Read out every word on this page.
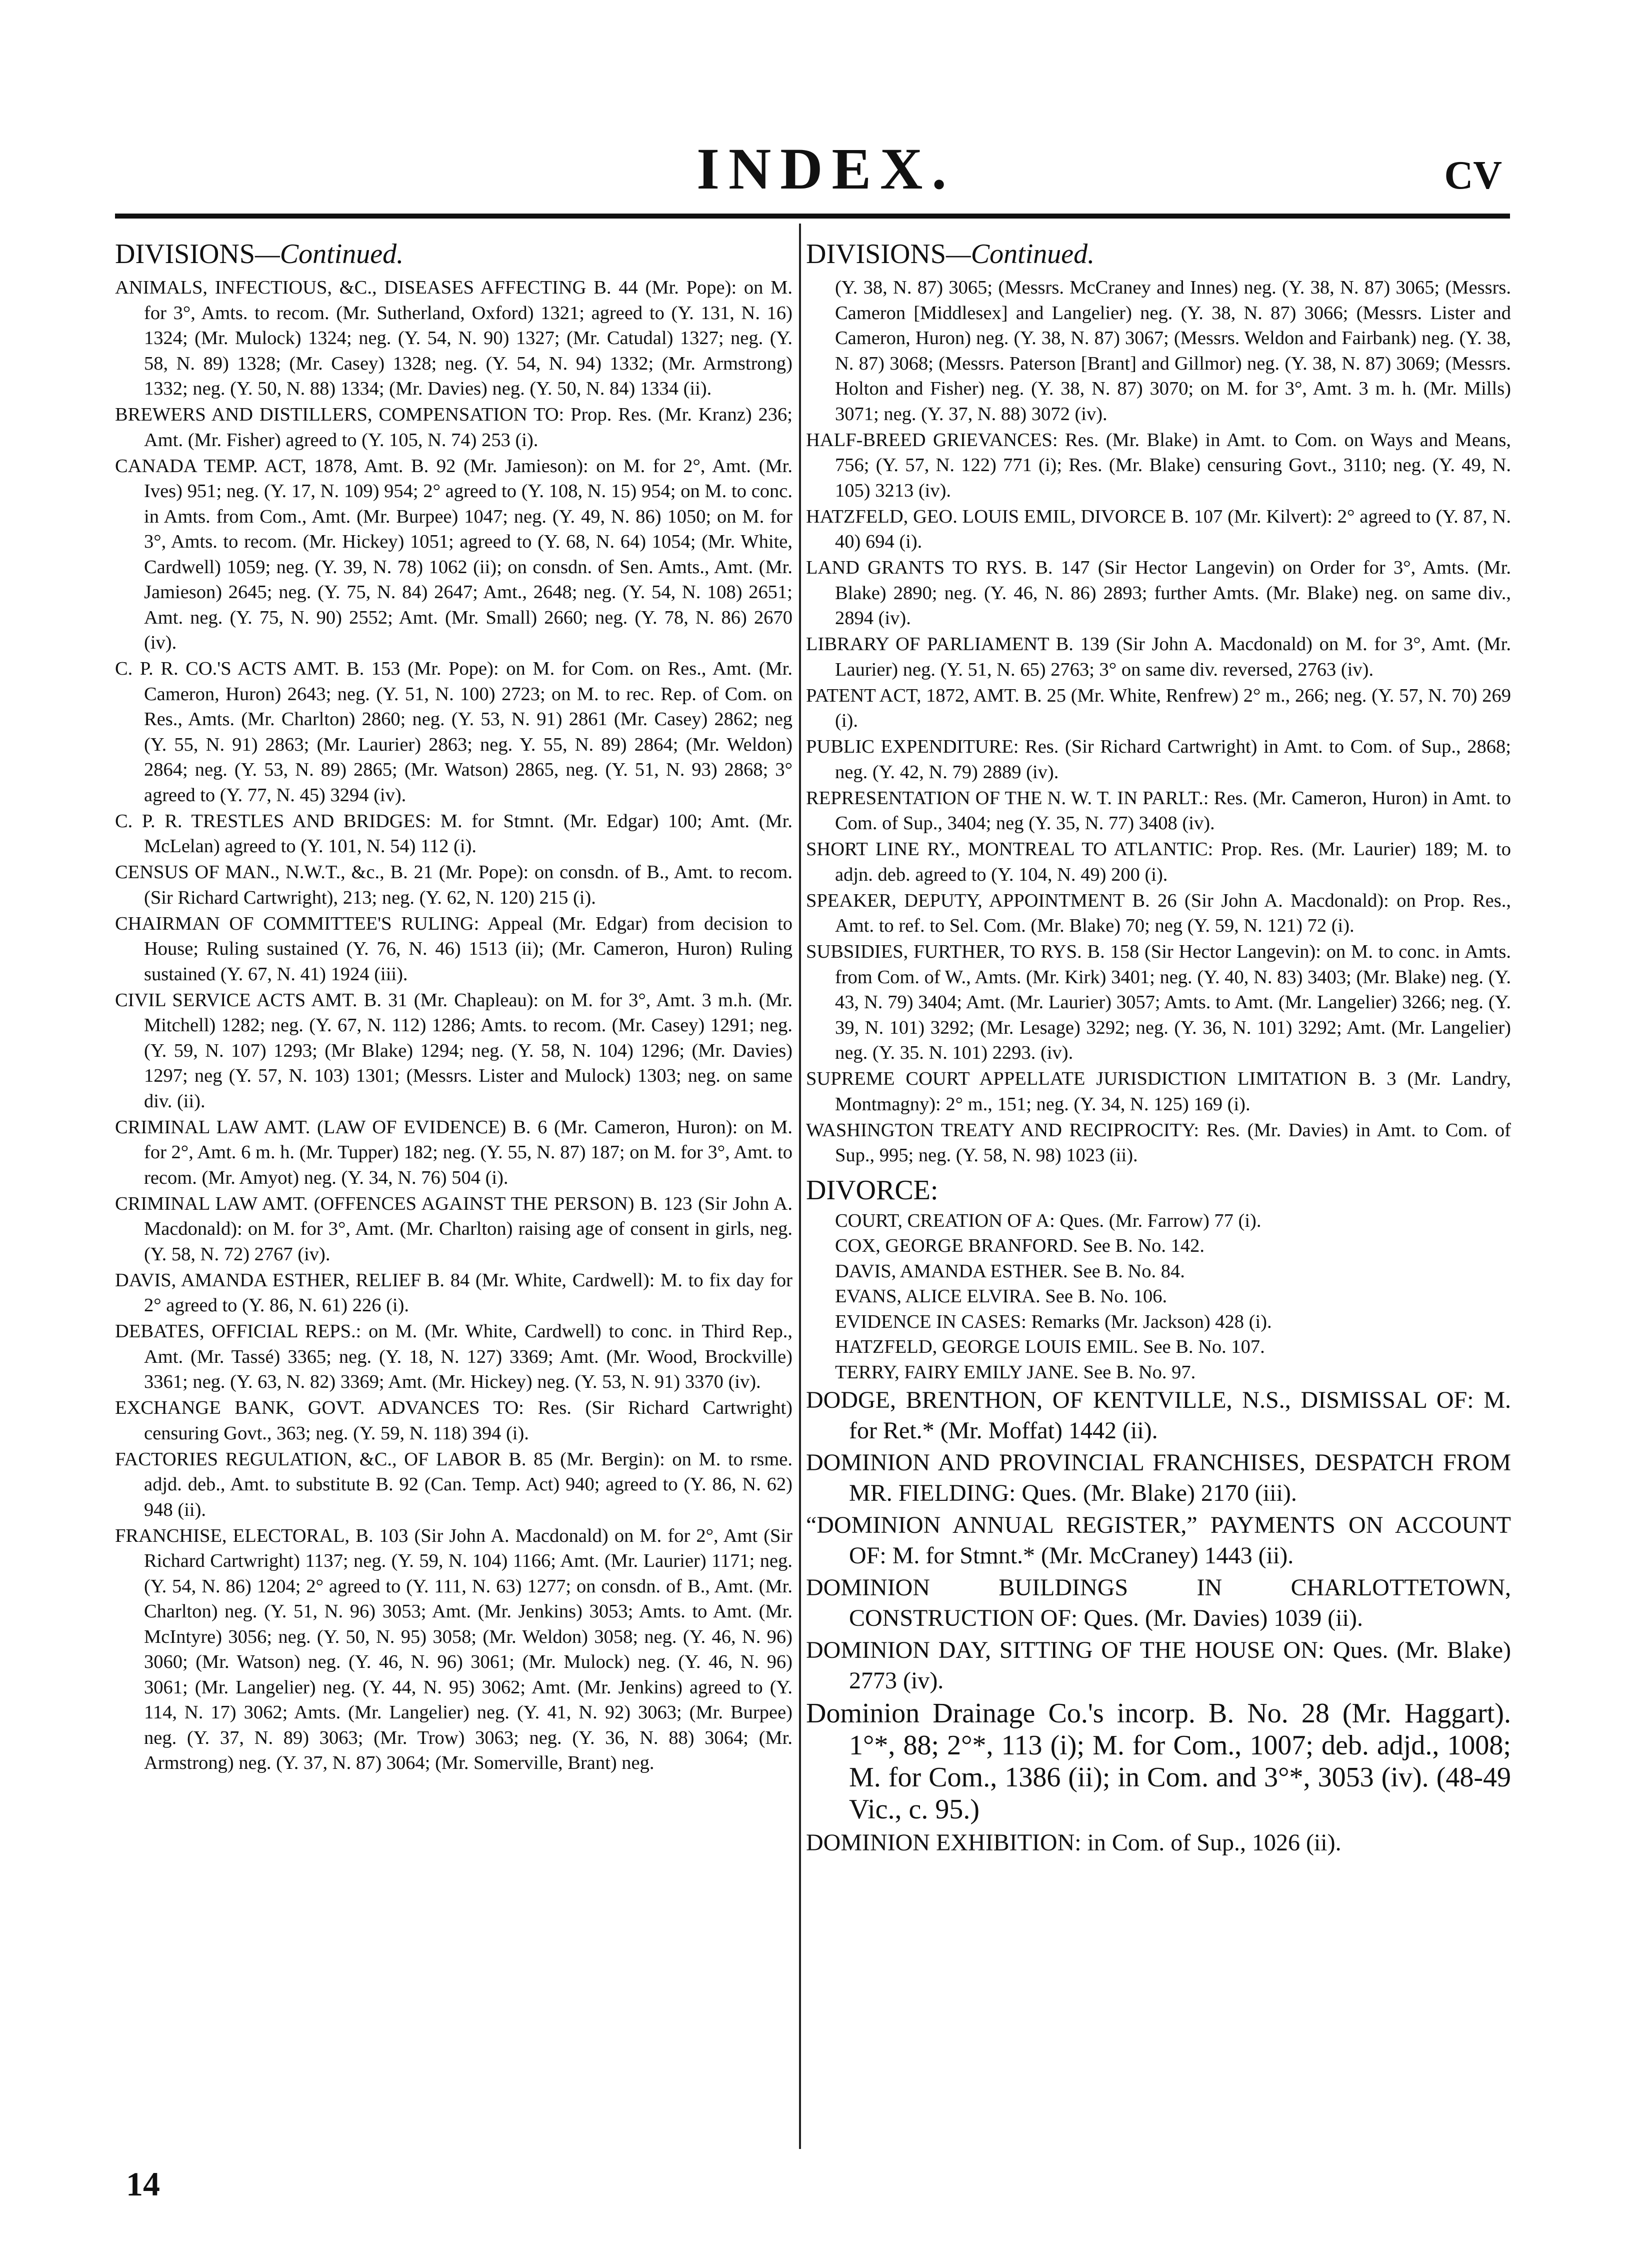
INDEX.	CV
DIVISIONS—Continued.

ANIMALS, INFECTIOUS, &C., DISEASES AFFECTING B. 44 (Mr. Pope): on M. for 3°, Amts. to recom. (Mr. Sutherland, Oxford) 1321; agreed to (Y. 131, N. 16) 1324; (Mr. Mulock) 1324; neg. (Y. 54, N. 90) 1327; (Mr. Catudal) 1327; neg. (Y. 58, N. 89) 1328; (Mr. Casey) 1328; neg. (Y. 54, N. 94) 1332; (Mr. Armstrong) 1332; neg. (Y. 50, N. 88) 1334; (Mr. Davies) neg. (Y. 50, N. 84) 1334 (ii).

BREWERS AND DISTILLERS, COMPENSATION TO: Prop. Res. (Mr. Kranz) 236; Amt. (Mr. Fisher) agreed to (Y. 105, N. 74) 253 (i).

CANADA TEMP. ACT, 1878, Amt. B. 92 (Mr. Jamieson): on M. for 2°, Amt. (Mr. Ives) 951; neg. (Y. 17, N. 109) 954; 2° agreed to (Y. 108, N. 15) 954; on M. to conc. in Amts. from Com., Amt. (Mr. Burpee) 1047; neg. (Y. 49, N. 86) 1050; on M. for 3°, Amts. to recom. (Mr. Hickey) 1051; agreed to (Y. 68, N. 64) 1054; (Mr. White, Cardwell) 1059; neg. (Y. 39, N. 78) 1062 (ii); on consdn. of Sen. Amts., Amt. (Mr. Jamieson) 2645; neg. (Y. 75, N. 84) 2647; Amt., 2648; neg. (Y. 54, N. 108) 2651; Amt. neg. (Y. 75, N. 90) 2552; Amt. (Mr. Small) 2660; neg. (Y. 78, N. 86) 2670 (iv).

C. P. R. CO.'S ACTS AMT. B. 153 (Mr. Pope): on M. for Com. on Res., Amt. (Mr. Cameron, Huron) 2643; neg. (Y. 51, N. 100) 2723; on M. to rec. Rep. of Com. on Res., Amts. (Mr. Charlton) 2860; neg. (Y. 53, N. 91) 2861 (Mr. Casey) 2862; neg (Y. 55, N. 91) 2863; (Mr. Laurier) 2863; neg. Y. 55, N. 89) 2864; (Mr. Weldon) 2864; neg. (Y. 53, N. 89) 2865; (Mr. Watson) 2865, neg. (Y. 51, N. 93) 2868; 3° agreed to (Y. 77, N. 45) 3294 (iv).

C. P. R. TRESTLES AND BRIDGES: M. for Stmnt. (Mr. Edgar) 100; Amt. (Mr. McLelan) agreed to (Y. 101, N. 54) 112 (i).

CENSUS OF MAN., N.W.T., &c., B. 21 (Mr. Pope): on consdn. of B., Amt. to recom. (Sir Richard Cartwright), 213; neg. (Y. 62, N. 120) 215 (i).

CHAIRMAN OF COMMITTEE'S RULING: Appeal (Mr. Edgar) from decision to House; Ruling sustained (Y. 76, N. 46) 1513 (ii); (Mr. Cameron, Huron) Ruling sustained (Y. 67, N. 41) 1924 (iii).

CIVIL SERVICE ACTS AMT. B. 31 (Mr. Chapleau): on M. for 3°, Amt. 3 m.h. (Mr. Mitchell) 1282; neg. (Y. 67, N. 112) 1286; Amts. to recom. (Mr. Casey) 1291; neg. (Y. 59, N. 107) 1293; (Mr Blake) 1294; neg. (Y. 58, N. 104) 1296; (Mr. Davies) 1297; neg (Y. 57, N. 103) 1301; (Messrs. Lister and Mulock) 1303; neg. on same div. (ii).

CRIMINAL LAW AMT. (LAW OF EVIDENCE) B. 6 (Mr. Cameron, Huron): on M. for 2°, Amt. 6 m. h. (Mr. Tupper) 182; neg. (Y. 55, N. 87) 187; on M. for 3°, Amt. to recom. (Mr. Amyot) neg. (Y. 34, N. 76) 504 (i).

CRIMINAL LAW AMT. (OFFENCES AGAINST THE PERSON) B. 123 (Sir John A. Macdonald): on M. for 3°, Amt. (Mr. Charlton) raising age of consent in girls, neg. (Y. 58, N. 72) 2767 (iv).

DAVIS, AMANDA ESTHER, RELIEF B. 84 (Mr. White, Cardwell): M. to fix day for 2° agreed to (Y. 86, N. 61) 226 (i).

DEBATES, OFFICIAL REPS.: on M. (Mr. White, Cardwell) to conc. in Third Rep., Amt. (Mr. Tassé) 3365; neg. (Y. 18, N. 127) 3369; Amt. (Mr. Wood, Brockville) 3361; neg. (Y. 63, N. 82) 3369; Amt. (Mr. Hickey) neg. (Y. 53, N. 91) 3370 (iv).

EXCHANGE BANK, GOVT. ADVANCES TO: Res. (Sir Richard Cartwright) censuring Govt., 363; neg. (Y. 59, N. 118) 394 (i).

FACTORIES REGULATION, &C., OF LABOR B. 85 (Mr. Bergin): on M. to rsme. adjd. deb., Amt. to substitute B. 92 (Can. Temp. Act) 940; agreed to (Y. 86, N. 62) 948 (ii).

FRANCHISE, ELECTORAL, B. 103 (Sir John A. Macdonald) on M. for 2°, Amt (Sir Richard Cartwright) 1137; neg. (Y. 59, N. 104) 1166; Amt. (Mr. Laurier) 1171; neg. (Y. 54, N. 86) 1204; 2° agreed to (Y. 111, N. 63) 1277; on consdn. of B., Amt. (Mr. Charlton) neg. (Y. 51, N. 96) 3053; Amt. (Mr. Jenkins) 3053; Amts. to Amt. (Mr. McIntyre) 3056; neg. (Y. 50, N. 95) 3058; (Mr. Weldon) 3058; neg. (Y. 46, N. 96) 3060; (Mr. Watson) neg. (Y. 46, N. 96) 3061; (Mr. Mulock) neg. (Y. 46, N. 96) 3061; (Mr. Langelier) neg. (Y. 44, N. 95) 3062; Amt. (Mr. Jenkins) agreed to (Y. 114, N. 17) 3062; Amts. (Mr. Langelier) neg. (Y. 41, N. 92) 3063; (Mr. Burpee) neg. (Y. 37, N. 89) 3063; (Mr. Trow) 3063; neg. (Y. 36, N. 88) 3064; (Mr. Armstrong) neg. (Y. 37, N. 87) 3064; (Mr. Somerville, Brant) neg.

DIVISIONS—Continued.

(Y. 38, N. 87) 3065; (Messrs. McCraney and Innes) neg. (Y. 38, N. 87) 3065; (Messrs. Cameron [Middlesex] and Langelier) neg. (Y. 38, N. 87) 3066; (Messrs. Lister and Cameron, Huron) neg. (Y. 38, N. 87) 3067; (Messrs. Weldon and Fairbank) neg. (Y. 38, N. 87) 3068; (Messrs. Paterson [Brant] and Gillmor) neg. (Y. 38, N. 87) 3069; (Messrs. Holton and Fisher) neg. (Y. 38, N. 87) 3070; on M. for 3°, Amt. 3 m. h. (Mr. Mills) 3071; neg. (Y. 37, N. 88) 3072 (iv).

HALF-BREED GRIEVANCES: Res. (Mr. Blake) in Amt. to Com. on Ways and Means, 756; (Y. 57, N. 122) 771 (i); Res. (Mr. Blake) censuring Govt., 3110; neg. (Y. 49, N. 105) 3213 (iv).

HATZFELD, GEO. LOUIS EMIL, DIVORCE B. 107 (Mr. Kilvert): 2° agreed to (Y. 87, N. 40) 694 (i).

LAND GRANTS TO RYS. B. 147 (Sir Hector Langevin) on Order for 3°, Amts. (Mr. Blake) 2890; neg. (Y. 46, N. 86) 2893; further Amts. (Mr. Blake) neg. on same div., 2894 (iv).

LIBRARY OF PARLIAMENT B. 139 (Sir John A. Macdonald) on M. for 3°, Amt. (Mr. Laurier) neg. (Y. 51, N. 65) 2763; 3° on same div. reversed, 2763 (iv).

PATENT ACT, 1872, AMT. B. 25 (Mr. White, Renfrew) 2° m., 266; neg. (Y. 57, N. 70) 269 (i).

PUBLIC EXPENDITURE: Res. (Sir Richard Cartwright) in Amt. to Com. of Sup., 2868; neg. (Y. 42, N. 79) 2889 (iv).

REPRESENTATION OF THE N. W. T. IN PARLT.: Res. (Mr. Cameron, Huron) in Amt. to Com. of Sup., 3404; neg (Y. 35, N. 77) 3408 (iv).

SHORT LINE RY., MONTREAL TO ATLANTIC: Prop. Res. (Mr. Laurier) 189; M. to adjn. deb. agreed to (Y. 104, N. 49) 200 (i).

SPEAKER, DEPUTY, APPOINTMENT B. 26 (Sir John A. Macdonald): on Prop. Res., Amt. to ref. to Sel. Com. (Mr. Blake) 70; neg (Y. 59, N. 121) 72 (i).

SUBSIDIES, FURTHER, TO RYS. B. 158 (Sir Hector Langevin): on M. to conc. in Amts. from Com. of W., Amts. (Mr. Kirk) 3401; neg. (Y. 40, N. 83) 3403; (Mr. Blake) neg. (Y. 43, N. 79) 3404; Amt. (Mr. Laurier) 3057; Amts. to Amt. (Mr. Langelier) 3266; neg. (Y. 39, N. 101) 3292; (Mr. Lesage) 3292; neg. (Y. 36, N. 101) 3292; Amt. (Mr. Langelier) neg. (Y. 35. N. 101) 2293. (iv).

SUPREME COURT APPELLATE JURISDICTION LIMITATION B. 3 (Mr. Landry, Montmagny): 2° m., 151; neg. (Y. 34, N. 125) 169 (i).

WASHINGTON TREATY AND RECIPROCITY: Res. (Mr. Davies) in Amt. to Com. of Sup., 995; neg. (Y. 58, N. 98) 1023 (ii).

DIVORCE:

COURT, CREATION OF A: Ques. (Mr. Farrow) 77 (i).

COX, GEORGE BRANFORD. See B. No. 142.

DAVIS, AMANDA ESTHER. See B. No. 84.

EVANS, ALICE ELVIRA. See B. No. 106.

EVIDENCE IN CASES: Remarks (Mr. Jackson) 428 (i).

HATZFELD, GEORGE LOUIS EMIL. See B. No. 107.

TERRY, FAIRY EMILY JANE. See B. No. 97.

DODGE, BRENTHON, OF KENTVILLE, N.S., DISMISSAL OF: M. for Ret.* (Mr. Moffat) 1442 (ii).

DOMINION AND PROVINCIAL FRANCHISES, DESPATCH FROM MR. FIELDING: Ques. (Mr. Blake) 2170 (iii).

“DOMINION ANNUAL REGISTER,” PAYMENTS ON ACCOUNT OF: M. for Stmnt.* (Mr. McCraney) 1443 (ii).

DOMINION BUILDINGS IN CHARLOTTETOWN, CONSTRUCTION OF: Ques. (Mr. Davies) 1039 (ii).

DOMINION DAY, SITTING OF THE HOUSE ON: Ques. (Mr. Blake) 2773 (iv).

Dominion Drainage Co.'s incorp. B. No. 28 (Mr. Haggart). 1°*, 88; 2°*, 113 (i); M. for Com., 1007; deb. adjd., 1008; M. for Com., 1386 (ii); in Com. and 3°*, 3053 (iv). (48-49 Vic., c. 95.)

DOMINION EXHIBITION: in Com. of Sup., 1026 (ii).

14
